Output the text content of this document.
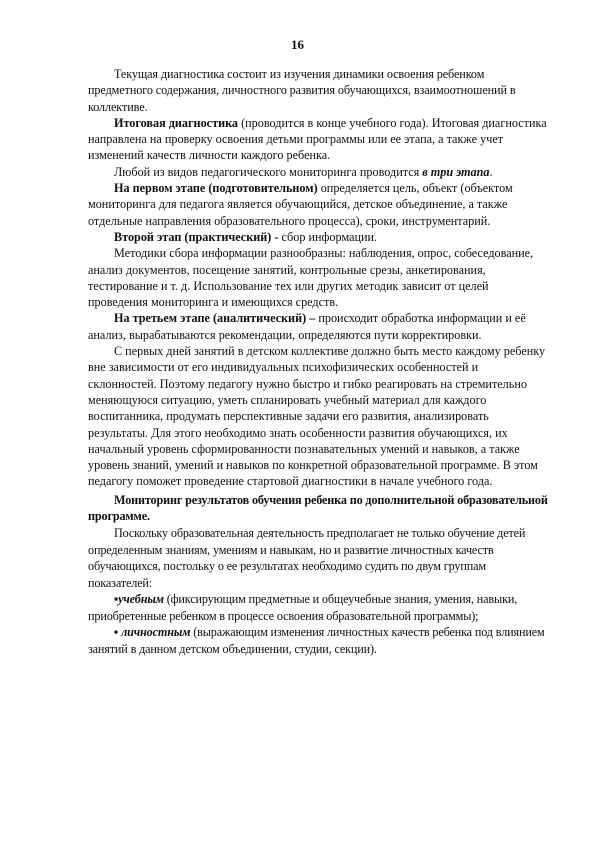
16

Текущая диагностика состоит из изучения динамики освоения ребенком предметного содержания, личностного развития обучающихся, взаимоотношений в коллективе.

Итоговая диагностика (проводится в конце учебного года). Итоговая диагностика направлена на проверку освоения детьми программы или ее этапа, а также учет изменений качеств личности каждого ребенка.

Любой из видов педагогического мониторинга проводится в три этапа.

На первом этапе (подготовительном) определяется цель, объект (объектом мониторинга для педагога является обучающийся, детское объединение, а также отдельные направления образовательного процесса), сроки, инструментарий.

Второй этап (практический) - сбор информации.

Методики сбора информации разнообразны: наблюдения, опрос, собеседование, анализ документов, посещение занятий, контрольные срезы, анкетирования, тестирование и т. д. Использование тех или других методик зависит от целей проведения мониторинга и имеющихся средств.

На третьем этапе (аналитический) – происходит обработка информации и её анализ, вырабатываются рекомендации, определяются пути корректировки.

С первых дней занятий в детском коллективе должно быть место каждому ребенку вне зависимости от его индивидуальных психофизических особенностей и склонностей. Поэтому педагогу нужно быстро и гибко реагировать на стремительно меняющуюся ситуацию, уметь спланировать учебный материал для каждого воспитанника, продумать перспективные задачи его развития, анализировать результаты. Для этого необходимо знать особенности развития обучающихся, их начальный уровень сформированности познавательных умений и навыков, а также уровень знаний, умений и навыков по конкретной образовательной программе. В этом педагогу поможет проведение стартовой диагностики в начале учебного года.

Мониторинг результатов обучения ребенка по дополнительной образовательной программе.

Поскольку образовательная деятельность предполагает не только обучение детей определенным знаниям, умениям и навыкам, но и развитие личностных качеств обучающихся, постольку о ее результатах необходимо судить по двум группам показателей:

▪учебным (фиксирующим предметные и общеучебные знания, умения, навыки, приобретенные ребенком в процессе освоения образовательной программы);

▪ личностным (выражающим изменения личностных качеств ребенка под влиянием занятий в данном детском объединении, студии, секции).
